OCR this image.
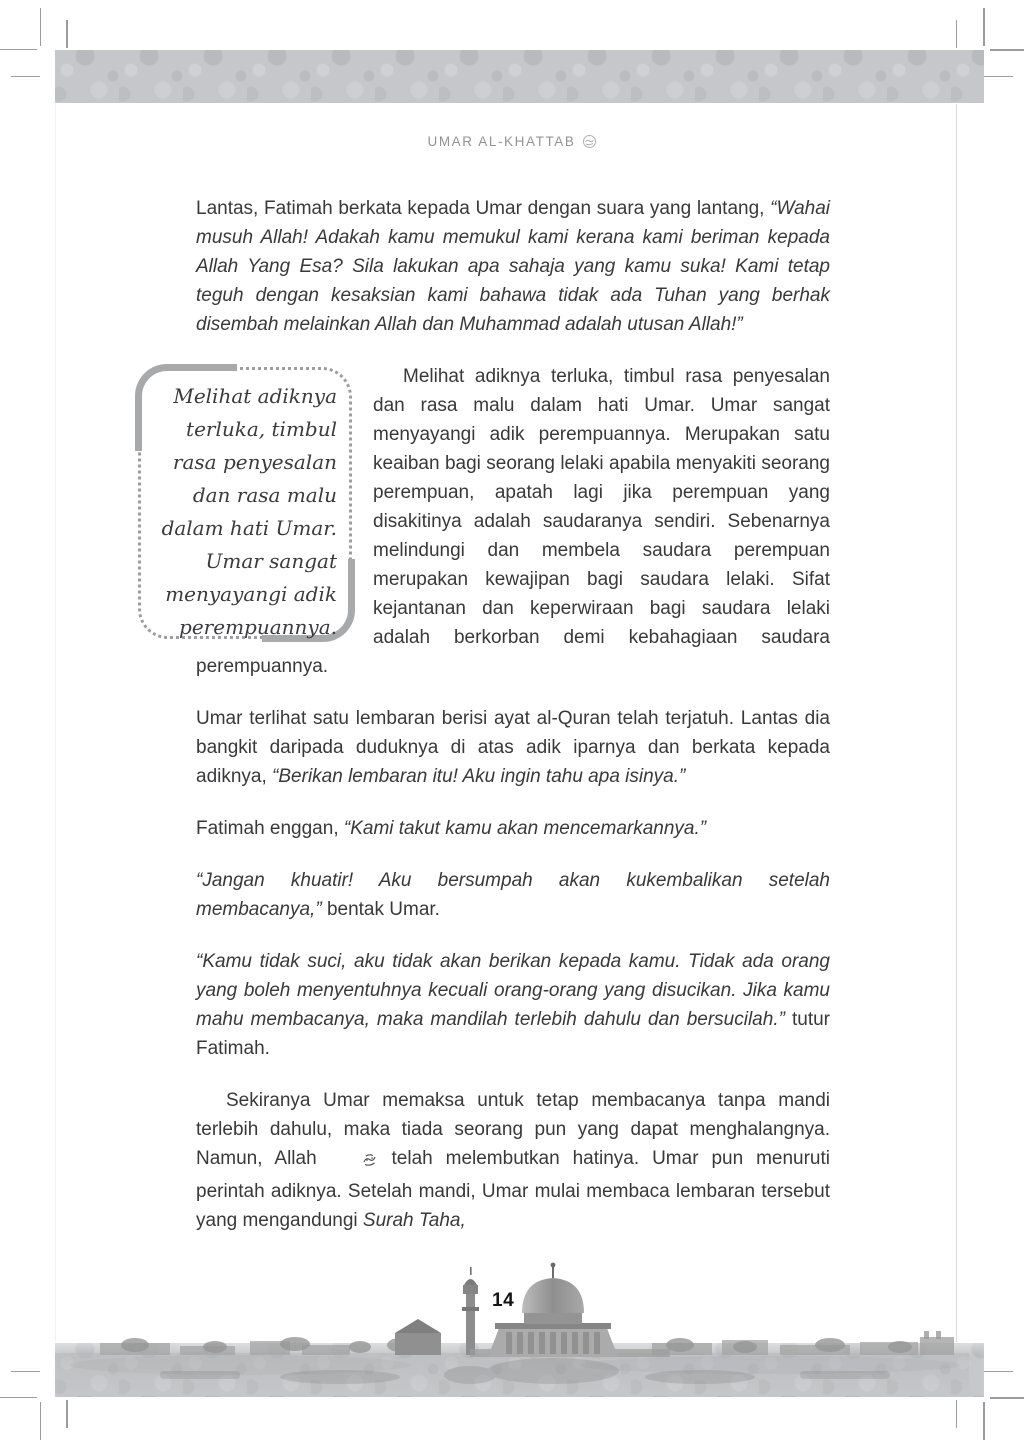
UMAR AL-KHATTAB

Lantas, Fatimah berkata kepada Umar dengan suara yang lantang, “Wahai musuh Allah! Adakah kamu memukul kami kerana kami beriman kepada Allah Yang Esa? Sila lakukan apa sahaja yang kamu suka! Kami tetap teguh dengan kesaksian kami bahawa tidak ada Tuhan yang berhak disembah melainkan Allah dan Muhammad adalah utusan Allah!”

Melihat adiknya terluka, timbul rasa penyesalan dan rasa malu dalam hati Umar. Umar sangat menyayangi adik perempuannya.

Melihat adiknya terluka, timbul rasa penyesalan dan rasa malu dalam hati Umar. Umar sangat menyayangi adik perempuannya. Merupakan satu keaiban bagi seorang lelaki apabila menyakiti seorang perempuan, apatah lagi jika perempuan yang disakitinya adalah saudaranya sendiri. Sebenarnya melindungi dan membela saudara perempuan merupakan kewajipan bagi saudara lelaki. Sifat kejantanan dan keperwiraan bagi saudara lelaki adalah berkorban demi kebahagiaan saudara perempuannya.

Umar terlihat satu lembaran berisi ayat al-Quran telah terjatuh. Lantas dia bangkit daripada duduknya di atas adik iparnya dan berkata kepada adiknya, “Berikan lembaran itu! Aku ingin tahu apa isinya.”

Fatimah enggan, “Kami takut kamu akan mencemarkannya.”

“Jangan khuatir! Aku bersumpah akan kukembalikan setelah membacanya,” bentak Umar.

“Kamu tidak suci, aku tidak akan berikan kepada kamu. Tidak ada orang yang boleh menyentuhnya kecuali orang-orang yang disucikan. Jika kamu mahu membacanya, maka mandilah terlebih dahulu dan bersucilah.” tutur Fatimah.

Sekiranya Umar memaksa untuk tetap membacanya tanpa mandi terlebih dahulu, maka tiada seorang pun yang dapat menghalangnya. Namun, Allah	telah melembutkan hatinya. Umar pun menuruti perintah adiknya. Setelah mandi, Umar mulai membaca lembaran tersebut yang mengandungi Surah Taha,

14
